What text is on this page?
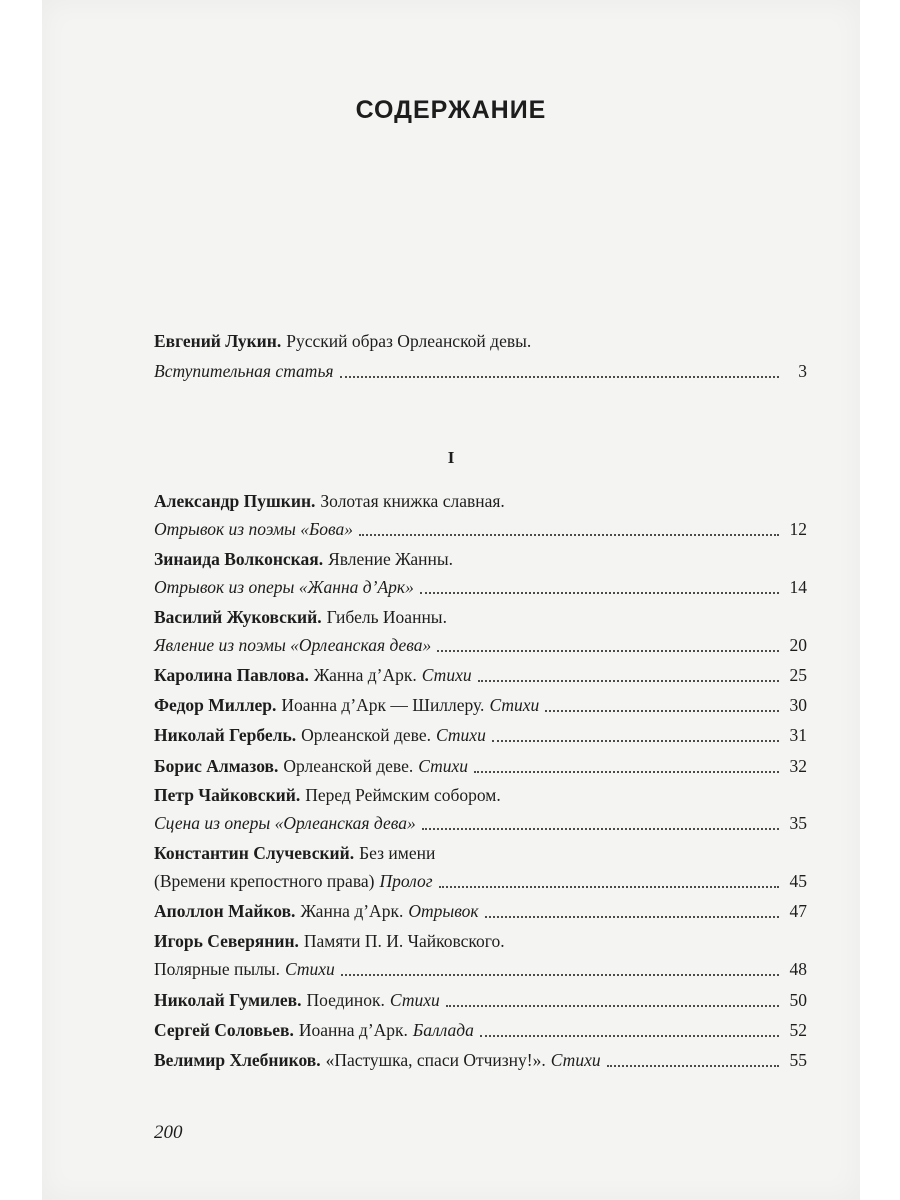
СОДЕРЖАНИЕ
Евгений Лукин. Русский образ Орлеанской девы.
Вступительная статья	3
I
Александр Пушкин. Золотая книжка славная.
Отрывок из поэмы «Бова»	12
Зинаида Волконская. Явление Жанны.
Отрывок из оперы «Жанна д’Арк»	14
Василий Жуковский. Гибель Иоанны.
Явление из поэмы «Орлеанская дева»	20
Каролина Павлова. Жанна д’Арк. Стихи	25
Федор Миллер. Иоанна д’Арк — Шиллеру. Стихи	30
Николай Гербель. Орлеанской деве. Стихи	31
Борис Алмазов. Орлеанской деве. Стихи	32
Петр Чайковский. Перед Реймским собором.
Сцена из оперы «Орлеанская дева»	35
Константин Случевский. Без имени
(Времени крепостного права) Пролог	45
Аполлон Майков. Жанна д’Арк. Отрывок	47
Игорь Северянин. Памяти П. И. Чайковского.
Полярные пылы. Стихи	48
Николай Гумилев. Поединок. Стихи	50
Сергей Соловьев. Иоанна д’Арк. Баллада	52
Велимир Хлебников. «Пастушка, спаси Отчизну!». Стихи	55
200
